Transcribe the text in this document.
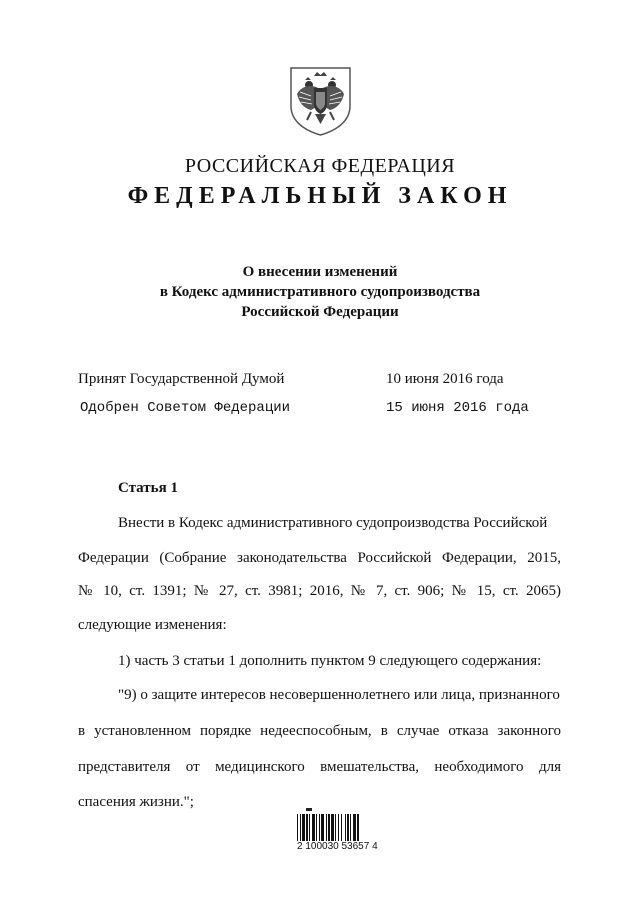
РОССИЙСКАЯ ФЕДЕРАЦИЯ
ФЕДЕРАЛЬНЫЙ ЗАКОН
О внесении изменений
в Кодекс административного судопроизводства
Российской Федерации
Принят Государственной Думой	10 июня 2016 года
Одобрен Советом Федерации	15 июня 2016 года
Статья 1
Внести в Кодекс административного судопроизводства Российской
Федерации (Собрание законодательства Российской Федерации, 2015,
№ 10, ст. 1391; № 27, ст. 3981; 2016, № 7, ст. 906; № 15, ст. 2065)
следующие изменения:
1) часть 3 статьи 1 дополнить пунктом 9 следующего содержания:
"9) о защите интересов несовершеннолетнего или лица, признанного
в установленном порядке недееспособным, в случае отказа законного
представителя от медицинского вмешательства, необходимого для
спасения жизни.";
2 100030 53657 4
